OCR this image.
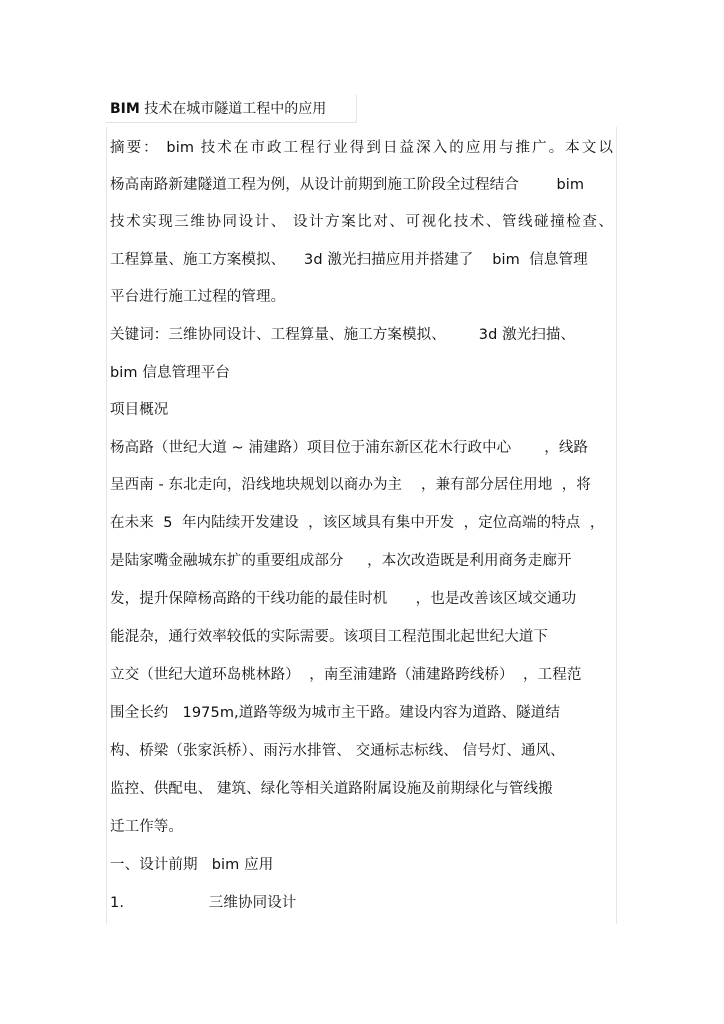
BIM 技术在城市隧道工程中的应用
摘要： bim 技术在市政工程行业得到日益深入的应用与推广。本文以
杨高南路新建隧道工程为例，从设计前期到施工阶段全过程结合        bim
技术实现三维协同设计、 设计方案比对、可视化技术、管线碰撞检查、
工程算量、施工方案模拟、    3d 激光扫描应用并搭建了    bim  信息管理
平台进行施工过程的管理。
关键词：三维协同设计、工程算量、施工方案模拟、       3d 激光扫描、
bim 信息管理平台
项目概况
杨高路（世纪大道 ~ 浦建路）项目位于浦东新区花木行政中心       ，线路
呈西南 - 东北走向，沿线地块规划以商办为主    ，兼有部分居住用地  ，将
在未来  5  年内陆续开发建设  ，该区域具有集中开发  ，定位高端的特点  ，
是陆家嘴金融城东扩的重要组成部分     ，本次改造既是利用商务走廊开
发，提升保障杨高路的干线功能的最佳时机      ，也是改善该区域交通功
能混杂，通行效率较低的实际需要。该项目工程范围北起世纪大道下
立交（世纪大道环岛桃林路）  ，南至浦建路（浦建路跨线桥）  ，工程范
围全长约   1975m,道路等级为城市主干路。建设内容为道路、隧道结
构、桥梁（张家浜桥）、雨污水排管、 交通标志标线、 信号灯、通风、
监控、供配电、 建筑、绿化等相关道路附属设施及前期绿化与管线搬
迁工作等。
一、设计前期   bim 应用
1.                  三维协同设计
